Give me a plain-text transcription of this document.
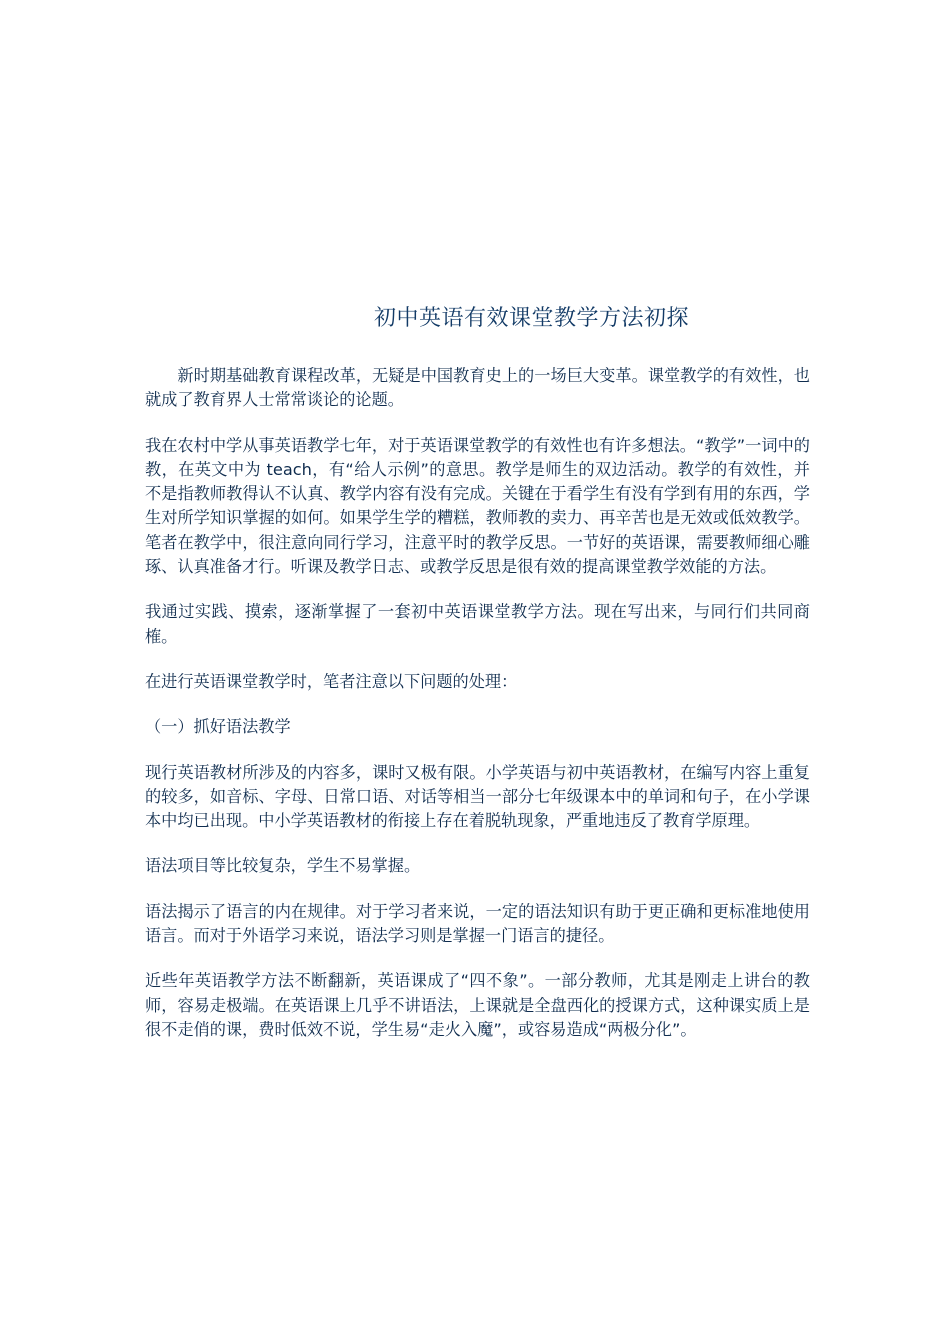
初中英语有效课堂教学方法初探

新时期基础教育课程改革，无疑是中国教育史上的一场巨大变革。课堂教学的有效性，也就成了教育界人士常常谈论的论题。

我在农村中学从事英语教学七年，对于英语课堂教学的有效性也有许多想法。“教学”一词中的教，在英文中为 teach，有“给人示例”的意思。教学是师生的双边活动。教学的有效性，并不是指教师教得认不认真、教学内容有没有完成。关键在于看学生有没有学到有用的东西，学生对所学知识掌握的如何。如果学生学的糟糕，教师教的卖力、再辛苦也是无效或低效教学。笔者在教学中，很注意向同行学习，注意平时的教学反思。一节好的英语课，需要教师细心雕琢、认真准备才行。听课及教学日志、或教学反思是很有效的提高课堂教学效能的方法。

我通过实践、摸索，逐渐掌握了一套初中英语课堂教学方法。现在写出来，与同行们共同商榷。

在进行英语课堂教学时，笔者注意以下问题的处理：

（一）抓好语法教学

现行英语教材所涉及的内容多，课时又极有限。小学英语与初中英语教材，在编写内容上重复的较多，如音标、字母、日常口语、对话等相当一部分七年级课本中的单词和句子，在小学课本中均已出现。中小学英语教材的衔接上存在着脱轨现象，严重地违反了教育学原理。

语法项目等比较复杂，学生不易掌握。

语法揭示了语言的内在规律。对于学习者来说，一定的语法知识有助于更正确和更标准地使用语言。而对于外语学习来说，语法学习则是掌握一门语言的捷径。

近些年英语教学方法不断翻新，英语课成了“四不象”。一部分教师，尤其是刚走上讲台的教师，容易走极端。在英语课上几乎不讲语法，上课就是全盘西化的授课方式，这种课实质上是很不走俏的课，费时低效不说，学生易“走火入魔”，或容易造成“两极分化”。
